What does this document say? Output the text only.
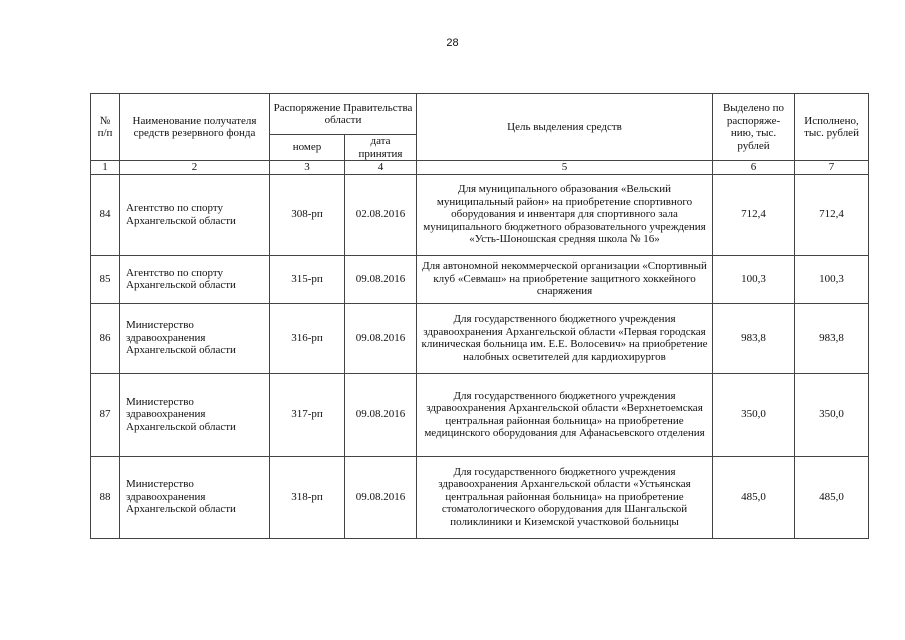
28
№ п/п	Наименование получателя средств резервного фонда	Распоряжение Правительства области		Цель выделения средств	Выделено по распоряже-нию, тыс. рублей	Исполнено, тыс. рублей
		номер	дата принятия			
1	2	3	4	5	6	7
84	Агентство по спорту Архангельской области	308-рп	02.08.2016	Для муниципального образования «Вельский муниципальный район» на приобретение спортивного оборудования и инвентаря для спортивного зала муниципального бюджетного образовательного учреждения «Усть-Шоношская средняя школа № 16»	712,4	712,4
85	Агентство по спорту Архангельской области	315-рп	09.08.2016	Для автономной некоммерческой организации «Спортивный клуб «Севмаш» на приобретение защитного хоккейного снаряжения	100,3	100,3
86	Министерство здравоохранения Архангельской области	316-рп	09.08.2016	Для государственного бюджетного учреждения здравоохранения Архангельской области «Первая городская клиническая больница им. Е.Е. Волосевич» на приобретение налобных осветителей для кардиохирургов	983,8	983,8
87	Министерство здравоохранения Архангельской области	317-рп	09.08.2016	Для государственного бюджетного учреждения здравоохранения Архангельской области «Верхнетоемская центральная районная больница» на приобретение медицинского оборудования для Афанасьевского отделения	350,0	350,0
88	Министерство здравоохранения Архангельской области	318-рп	09.08.2016	Для государственного бюджетного учреждения здравоохранения Архангельской области «Устьянская центральная районная больница» на приобретение стоматологического оборудования для Шангальской поликлиники и Киземской участковой больницы	485,0	485,0
